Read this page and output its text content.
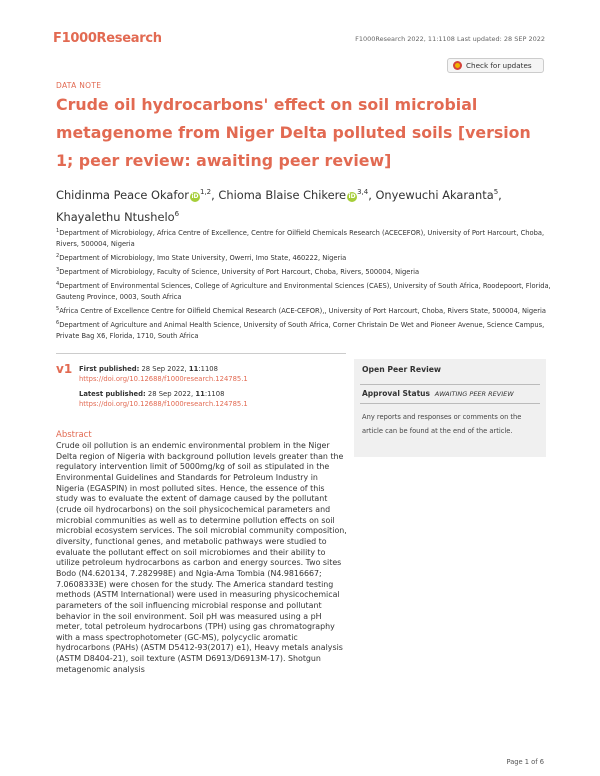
F1000Research	F1000Research 2022, 11:1108 Last updated: 28 SEP 2022
Check for updates
DATA NOTE
Crude oil hydrocarbons' effect on soil microbial metagenome from Niger Delta polluted soils [version 1; peer review: awaiting peer review]
Chidinma Peace Okafor iD$^{1,2}$, Chioma Blaise Chikere iD$^{3,4}$, Onyewuchi Akaranta$^5$, Khayalethu Ntushelo$^6$

$^1$Department of Microbiology, Africa Centre of Excellence, Centre for Oilfield Chemicals Research (ACECEFOR), University of Port Harcourt, Choba, Rivers, 500004, Nigeria

$^2$Department of Microbiology, Imo State University, Owerri, Imo State, 460222, Nigeria

$^3$Department of Microbiology, Faculty of Science, University of Port Harcourt, Choba, Rivers, 500004, Nigeria

$^4$Department of Environmental Sciences, College of Agriculture and Environmental Sciences (CAES), University of South Africa, Roodepoort, Florida, Gauteng Province, 0003, South Africa

$^5$Africa Centre of Excellence Centre for Oilfield Chemical Research (ACE-CEFOR),, University of Port Harcourt, Choba, Rivers State, 500004, Nigeria

$^6$Department of Agriculture and Animal Health Science, University of South Africa, Corner Christain De Wet and Pioneer Avenue, Science Campus, Private Bag X6, Florida, 1710, South Africa

v1 First published: 28 Sep 2022, 11:1108
https://doi.org/10.12688/f1000research.124785.1
Latest published: 28 Sep 2022, 11:1108
https://doi.org/10.12688/f1000research.124785.1
Open Peer Review
Approval Status AWAITING PEER REVIEW
Any reports and responses or comments on the article can be found at the end of the article.
Abstract

Crude oil pollution is an endemic environmental problem in the Niger Delta region of Nigeria with background pollution levels greater than the regulatory intervention limit of 5000mg/kg of soil as stipulated in the Environmental Guidelines and Standards for Petroleum Industry in Nigeria (EGASPIN) in most polluted sites. Hence, the essence of this study was to evaluate the extent of damage caused by the pollutant (crude oil hydrocarbons) on the soil physicochemical parameters and microbial communities as well as to determine pollution effects on soil microbial ecosystem services. The soil microbial community composition, diversity, functional genes, and metabolic pathways were studied to evaluate the pollutant effect on soil microbiomes and their ability to utilize petroleum hydrocarbons as carbon and energy sources. Two sites Bodo (N4.620134, 7.282998E) and Ngia-Ama Tombia (N4.9816667; 7.0608333E) were chosen for the study. The America standard testing methods (ASTM International) were used in measuring physicochemical parameters of the soil influencing microbial response and pollutant behavior in the soil environment. Soil pH was measured using a pH meter, total petroleum hydrocarbons (TPH) using gas chromatography with a mass spectrophotometer (GC-MS), polycyclic aromatic hydrocarbons (PAHs) (ASTM D5412-93(2017) e1), Heavy metals analysis (ASTM D8404-21), soil texture (ASTM D6913/D6913M-17). Shotgun metagenomic analysis

Page 1 of 6
